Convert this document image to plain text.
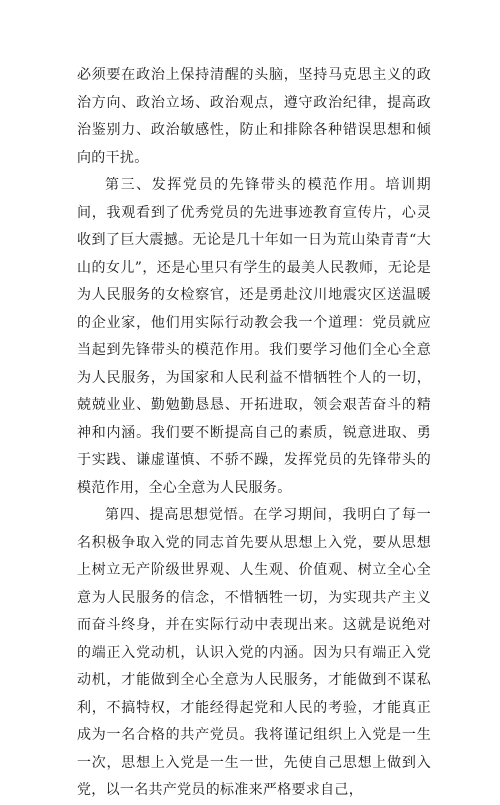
必须要在政治上保持清醒的头脑，坚持马克思主义的政治方向、政治立场、政治观点，遵守政治纪律，提高政治鉴别力、政治敏感性，防止和排除各种错误思想和倾向的干扰。

第三、发挥党员的先锋带头的模范作用。培训期间，我观看到了优秀党员的先进事迹教育宣传片，心灵收到了巨大震撼。无论是几十年如一日为荒山染青青“大山的女儿”，还是心里只有学生的最美人民教师，无论是为人民服务的女检察官，还是勇赴汶川地震灾区送温暖的企业家，他们用实际行动教会我一个道理：党员就应当起到先锋带头的模范作用。我们要学习他们全心全意为人民服务，为国家和人民利益不惜牺牲个人的一切，兢兢业业、勤勉勤恳恳、开拓进取，领会艰苦奋斗的精神和内涵。我们要不断提高自己的素质，锐意进取、勇于实践、谦虚谨慎、不骄不躁，发挥党员的先锋带头的模范作用，全心全意为人民服务。

第四、提高思想觉悟。在学习期间，我明白了每一名积极争取入党的同志首先要从思想上入党，要从思想上树立无产阶级世界观、人生观、价值观、树立全心全意为人民服务的信念，不惜牺牲一切，为实现共产主义而奋斗终身，并在实际行动中表现出来。这就是说绝对的端正入党动机，认识入党的内涵。因为只有端正入党动机，才能做到全心全意为人民服务，才能做到不谋私利，不搞特权，才能经得起党和人民的考验，才能真正成为一名合格的共产党员。我将谨记组织上入党是一生一次，思想上入党是一生一世，先使自己思想上做到入党，以一名共产党员的标准来严格要求自己，
